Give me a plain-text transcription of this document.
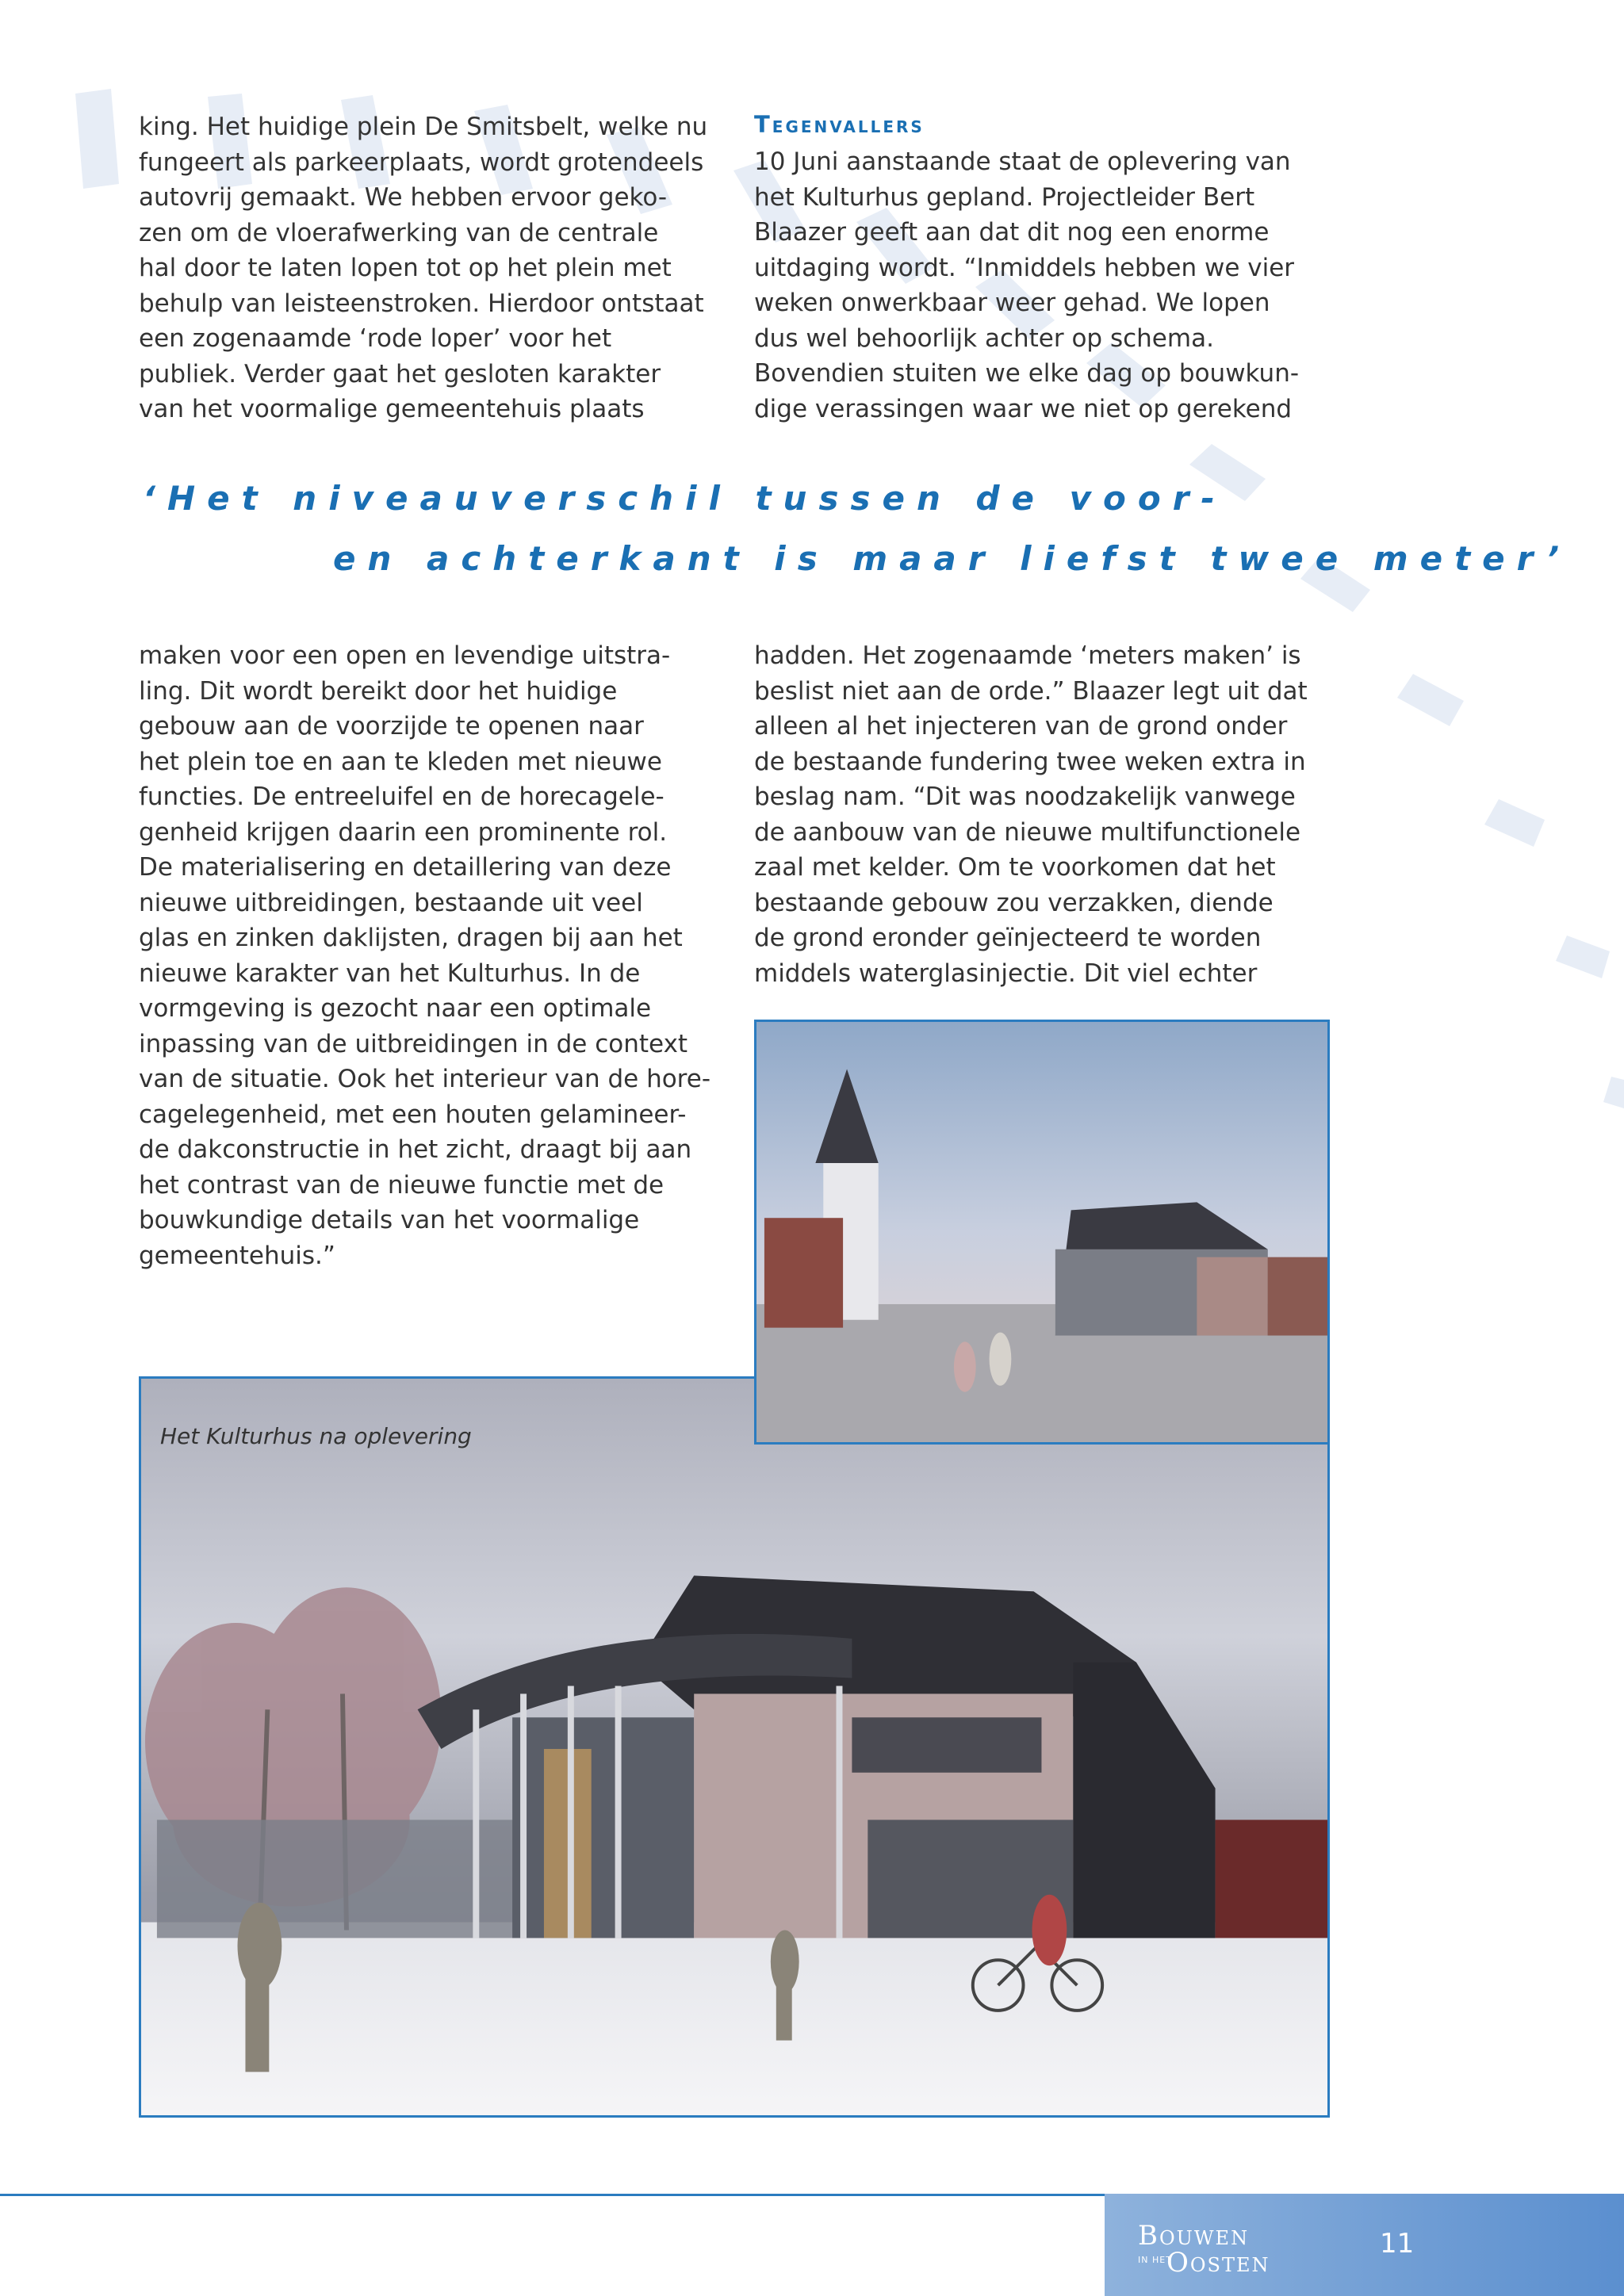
king. Het huidige plein De Smitsbelt, welke nu

fungeert als parkeerplaats, wordt grotendeels

autovrij gemaakt. We hebben ervoor geko-

zen om de vloerafwerking van de centrale

hal door te laten lopen tot op het plein met

behulp van leisteenstroken. Hierdoor ontstaat

een zogenaamde ‘rode loper’ voor het

publiek. Verder gaat het gesloten karakter

van het voormalige gemeentehuis plaats

Tegenvallers

10 Juni aanstaande staat de oplevering van

het Kulturhus gepland. Projectleider Bert

Blaazer geeft aan dat dit nog een enorme

uitdaging wordt. “Inmiddels hebben we vier

weken onwerkbaar weer gehad. We lopen

dus wel behoorlijk achter op schema.

Bovendien stuiten we elke dag op bouwkun-

dige verassingen waar we niet op gerekend

‘Het niveauverschil tussen de voor-
en achterkant is maar liefst twee meter’

maken voor een open en levendige uitstra-

ling. Dit wordt bereikt door het huidige

gebouw aan de voorzijde te openen naar

het plein toe en aan te kleden met nieuwe

functies. De entreeluifel en de horecagele-

genheid krijgen daarin een prominente rol.

De materialisering en detaillering van deze

nieuwe uitbreidingen, bestaande uit veel

glas en zinken daklijsten, dragen bij aan het

nieuwe karakter van het Kulturhus. In de

vormgeving is gezocht naar een optimale

inpassing van de uitbreidingen in de context

van de situatie. Ook het interieur van de hore-

cagelegenheid, met een houten gelamineer-

de dakconstructie in het zicht, draagt bij aan

het contrast van de nieuwe functie met de

bouwkundige details van het voormalige

gemeentehuis.”

hadden. Het zogenaamde ‘meters maken’ is

beslist niet aan de orde.” Blaazer legt uit dat

alleen al het injecteren van de grond onder

de bestaande fundering twee weken extra in

beslag nam. “Dit was noodzakelijk vanwege

de aanbouw van de nieuwe multifunctionele

zaal met kelder. Om te voorkomen dat het

bestaande gebouw zou verzakken, diende

de grond eronder geïnjecteerd te worden

middels waterglasinjectie. Dit viel echter

Het Kulturhus na oplevering
Bouwen
IN HET
Oosten
11
